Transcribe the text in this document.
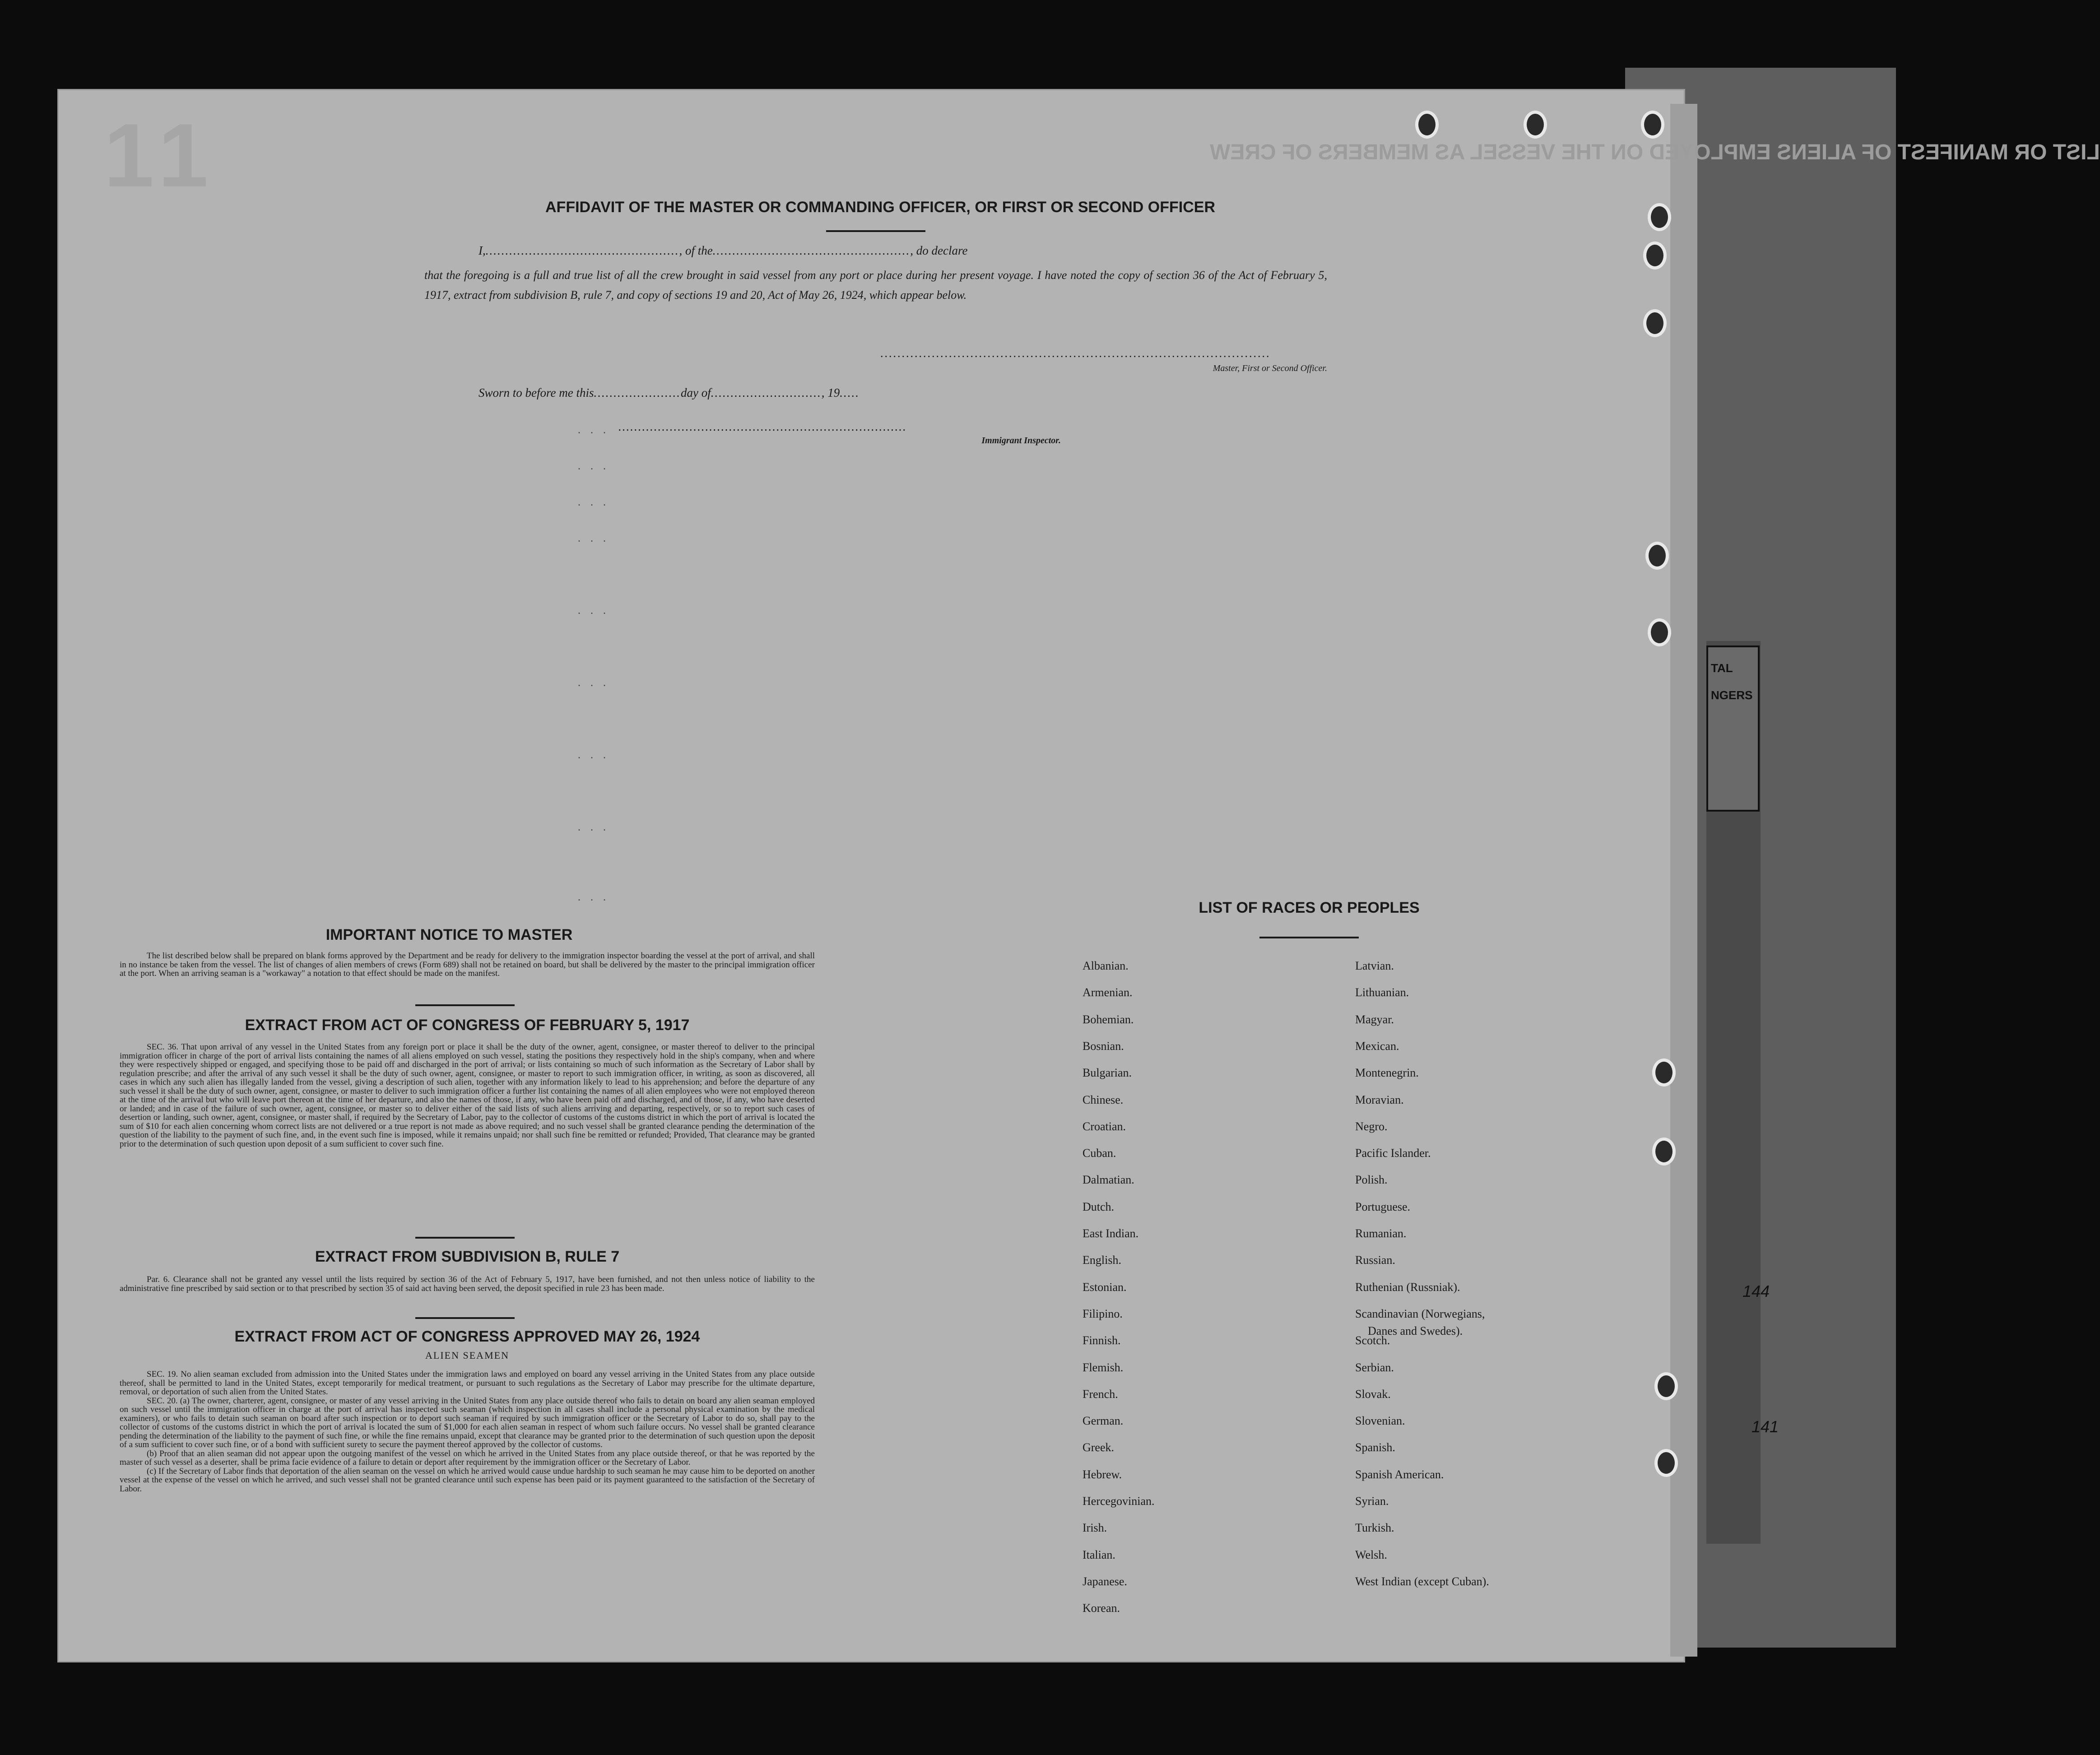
TAL
NGERS
144
141
11	LIST OR MANIFEST OF ALIENS EMPLOYED ON THE VESSEL AS MEMBERS OF CREW
AFFIDAVIT OF THE MASTER OR COMMANDING OFFICER, OR FIRST OR SECOND OFFICER
I,................................................., of the.................................................., do declare
that the foregoing is a full and true list of all the crew brought in said vessel from any port or place during her present voyage. I have noted the copy of section 36 of the Act of February 5, 1917, extract from subdivision B, rule 7, and copy of sections 19 and 20, Act of May 26, 1924, which appear below.
...........................................................................................
Master, First or Second Officer.
Sworn to before me this......................day of............................, 19.....
.........................................................................
Immigrant Inspector.
. . .
. . .
. . .
. . .
. . .
. . .
. . .
. . .
. . .
IMPORTANT NOTICE TO MASTER
The list described below shall be prepared on blank forms approved by the Department and be ready for delivery to the immigration inspector boarding the vessel at the port of arrival, and shall in no instance be taken from the vessel. The list of changes of alien members of crews (Form 689) shall not be retained on board, but shall be delivered by the master to the principal immigration officer at the port. When an arriving seaman is a "workaway" a notation to that effect should be made on the manifest.
EXTRACT FROM ACT OF CONGRESS OF FEBRUARY 5, 1917
SEC. 36. That upon arrival of any vessel in the United States from any foreign port or place it shall be the duty of the owner, agent, consignee, or master thereof to deliver to the principal immigration officer in charge of the port of arrival lists containing the names of all aliens employed on such vessel, stating the positions they respectively hold in the ship's company, when and where they were respectively shipped or engaged, and specifying those to be paid off and discharged in the port of arrival; or lists containing so much of such information as the Secretary of Labor shall by regulation prescribe; and after the arrival of any such vessel it shall be the duty of such owner, agent, consignee, or master to report to such immigration officer, in writing, as soon as discovered, all cases in which any such alien has illegally landed from the vessel, giving a description of such alien, together with any information likely to lead to his apprehension; and before the departure of any such vessel it shall be the duty of such owner, agent, consignee, or master to deliver to such immigration officer a further list containing the names of all alien employees who were not employed thereon at the time of the arrival but who will leave port thereon at the time of her departure, and also the names of those, if any, who have been paid off and discharged, and of those, if any, who have deserted or landed; and in case of the failure of such owner, agent, consignee, or master so to deliver either of the said lists of such aliens arriving and departing, respectively, or so to report such cases of desertion or landing, such owner, agent, consignee, or master shall, if required by the Secretary of Labor, pay to the collector of customs of the customs district in which the port of arrival is located the sum of $10 for each alien concerning whom correct lists are not delivered or a true report is not made as above required; and no such vessel shall be granted clearance pending the determination of the question of the liability to the payment of such fine, and, in the event such fine is imposed, while it remains unpaid; nor shall such fine be remitted or refunded; Provided, That clearance may be granted prior to the determination of such question upon deposit of a sum sufficient to cover such fine.
EXTRACT FROM SUBDIVISION B, RULE 7
Par. 6. Clearance shall not be granted any vessel until the lists required by section 36 of the Act of February 5, 1917, have been furnished, and not then unless notice of liability to the administrative fine prescribed by said section or to that prescribed by section 35 of said act having been served, the deposit specified in rule 23 has been made.
EXTRACT FROM ACT OF CONGRESS APPROVED MAY 26, 1924
ALIEN SEAMEN

SEC. 19. No alien seaman excluded from admission into the United States under the immigration laws and employed on board any vessel arriving in the United States from any place outside thereof, shall be permitted to land in the United States, except temporarily for medical treatment, or pursuant to such regulations as the Secretary of Labor may prescribe for the ultimate departure, removal, or deportation of such alien from the United States.

SEC. 20. (a) The owner, charterer, agent, consignee, or master of any vessel arriving in the United States from any place outside thereof who fails to detain on board any alien seaman employed on such vessel until the immigration officer in charge at the port of arrival has inspected such seaman (which inspection in all cases shall include a personal physical examination by the medical examiners), or who fails to detain such seaman on board after such inspection or to deport such seaman if required by such immigration officer or the Secretary of Labor to do so, shall pay to the collector of customs of the customs district in which the port of arrival is located the sum of $1,000 for each alien seaman in respect of whom such failure occurs. No vessel shall be granted clearance pending the determination of the liability to the payment of such fine, or while the fine remains unpaid, except that clearance may be granted prior to the determination of such question upon the deposit of a sum sufficient to cover such fine, or of a bond with sufficient surety to secure the payment thereof approved by the collector of customs.

(b) Proof that an alien seaman did not appear upon the outgoing manifest of the vessel on which he arrived in the United States from any place outside thereof, or that he was reported by the master of such vessel as a deserter, shall be prima facie evidence of a failure to detain or deport after requirement by the immigration officer or the Secretary of Labor.

(c) If the Secretary of Labor finds that deportation of the alien seaman on the vessel on which he arrived would cause undue hardship to such seaman he may cause him to be deported on another vessel at the expense of the vessel on which he arrived, and such vessel shall not be granted clearance until such expense has been paid or its payment guaranteed to the satisfaction of the Secretary of Labor.

LIST OF RACES OR PEOPLES
Albanian.
Armenian.
Bohemian.
Bosnian.
Bulgarian.
Chinese.
Croatian.
Cuban.
Dalmatian.
Dutch.
East Indian.
English.
Estonian.
Filipino.
Finnish.
Flemish.
French.
German.
Greek.
Hebrew.
Hercegovinian.
Irish.
Italian.
Japanese.
Korean.
Latvian.
Lithuanian.
Magyar.
Mexican.
Montenegrin.
Moravian.
Negro.
Pacific Islander.
Polish.
Portuguese.
Rumanian.
Russian.
Ruthenian (Russniak).
Scandinavian (Norwegians,
Danes and Swedes).
Scotch.
Serbian.
Slovak.
Slovenian.
Spanish.
Spanish American.
Syrian.
Turkish.
Welsh.
West Indian (except Cuban).
